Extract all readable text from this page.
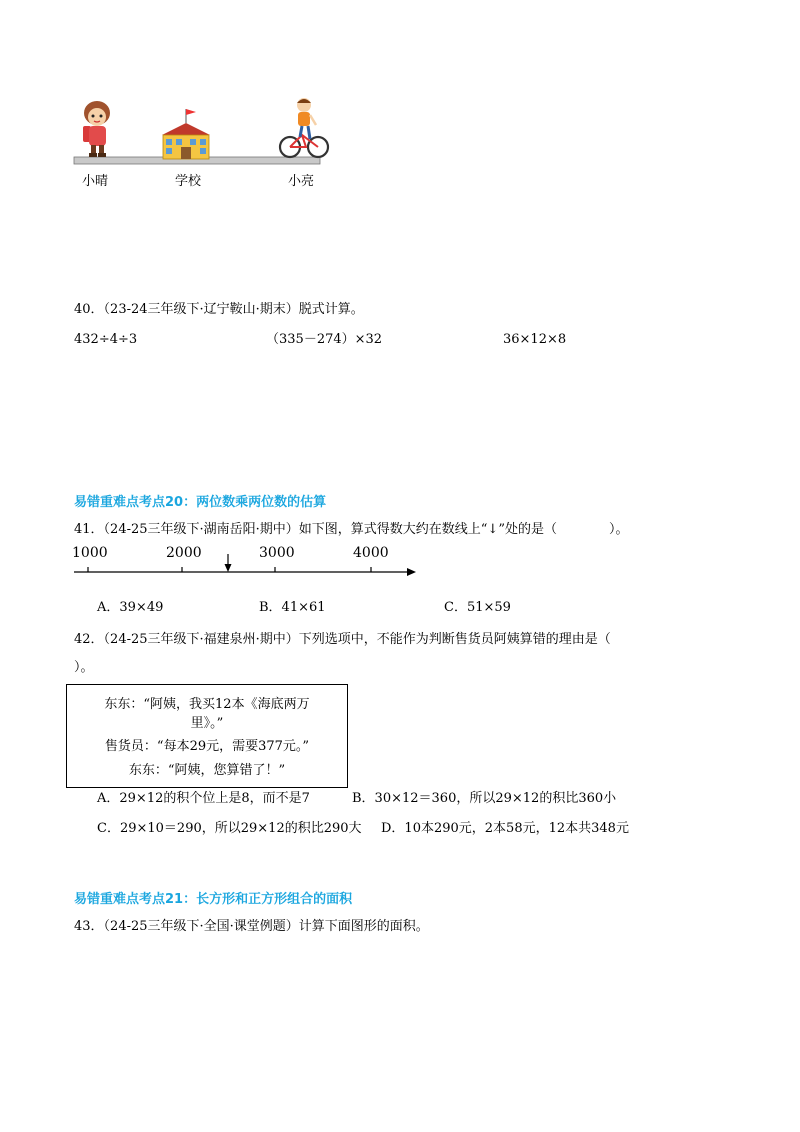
小晴	学校	小亮
40．（23-24三年级下·辽宁鞍山·期末）脱式计算。
432÷4÷3	（335－274）×32	36×12×8
易错重难点考点20：两位数乘两位数的估算
41．（24-25三年级下·湖南岳阳·期中）如下图，算式得数大约在数线上“↓”处的是（　　　　）。
1000	2000	3000	4000
A．39×49	B．41×61	C．51×59
42．（24-25三年级下·福建泉州·期中）下列选项中，不能作为判断售货员阿姨算错的理由是（
）。
东东：“阿姨，我买12本《海底两万
里》。”
售货员：“每本29元，需要377元。”
东东：“阿姨，您算错了！”
A．29×12的积个位上是8，而不是7	B．30×12＝360，所以29×12的积比360小
C．29×10＝290，所以29×12的积比290大 D．10本290元，2本58元，12本共348元
易错重难点考点21：长方形和正方形组合的面积
43．（24-25三年级下·全国·课堂例题）计算下面图形的面积。
